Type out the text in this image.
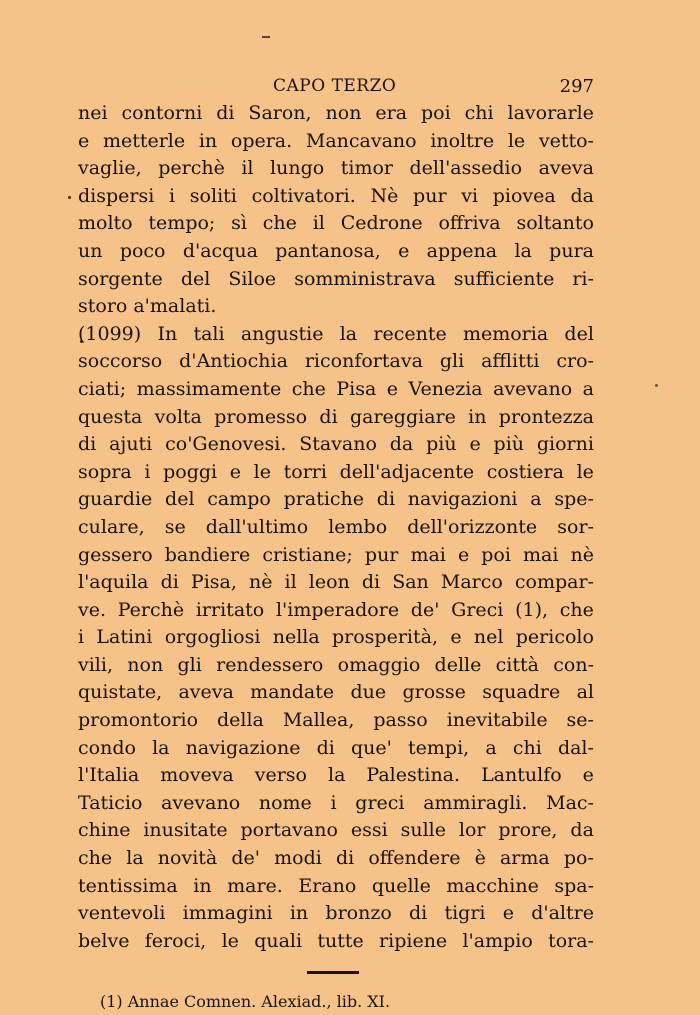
CAPO TERZO	297
nei contorni di Saron, non era poi chi lavorarle
e metterle in opera. Mancavano inoltre le vetto-
vaglie, perchè il lungo timor dell'assedio aveva
dispersi i soliti coltivatori. Nè pur vi piovea da
molto tempo; sì che il Cedrone offriva soltanto
un poco d'acqua pantanosa, e appena la pura
sorgente del Siloe somministrava sufficiente ri-
storo a'malati.
(1099) In tali angustie la recente memoria del
soccorso d'Antiochia riconfortava gli afflitti cro-
ciati; massimamente che Pisa e Venezia avevano a
questa volta promesso di gareggiare in prontezza
di ajuti co'Genovesi. Stavano da più e più giorni
sopra i poggi e le torri dell'adjacente costiera le
guardie del campo pratiche di navigazioni a spe-
culare, se dall'ultimo lembo dell'orizzonte sor-
gessero bandiere cristiane; pur mai e poi mai nè
l'aquila di Pisa, nè il leon di San Marco compar-
ve. Perchè irritato l'imperadore de' Greci (1), che
i Latini orgogliosi nella prosperità, e nel pericolo
vili, non gli rendessero omaggio delle città con-
quistate, aveva mandate due grosse squadre al
promontorio della Mallea, passo inevitabile se-
condo la navigazione di que' tempi, a chi dal-
l'Italia moveva verso la Palestina. Lantulfo e
Taticio avevano nome i greci ammiragli. Mac-
chine inusitate portavano essi sulle lor prore, da
che la novità de' modi di offendere è arma po-
tentissima in mare. Erano quelle macchine spa-
ventevoli immagini in bronzo di tigri e d'altre
belve feroci, le quali tutte ripiene l'ampio tora-
(1) Annae Comnen. Alexiad., lib. XI.
